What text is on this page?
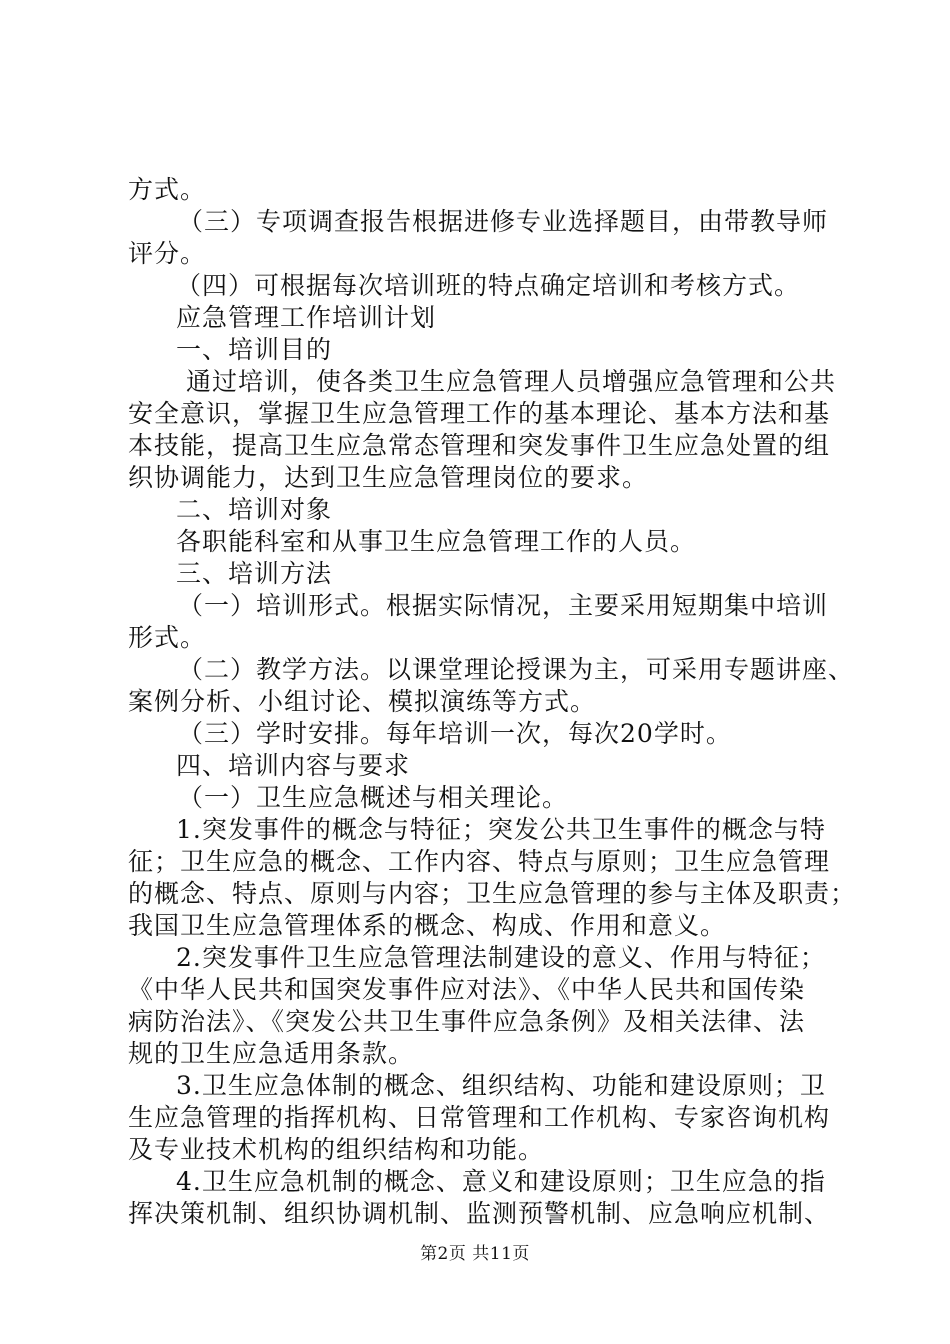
方式。
（三）专项调查报告根据进修专业选择题目，由带教导师
评分。
（四）可根据每次培训班的特点确定培训和考核方式。
应急管理工作培训计划
一、培训目的
通过培训，使各类卫生应急管理人员增强应急管理和公共
安全意识，掌握卫生应急管理工作的基本理论、基本方法和基
本技能，提高卫生应急常态管理和突发事件卫生应急处置的组
织协调能力，达到卫生应急管理岗位的要求。
二、培训对象
各职能科室和从事卫生应急管理工作的人员。
三、培训方法
（一）培训形式。根据实际情况，主要采用短期集中培训
形式。
（二）教学方法。以课堂理论授课为主，可采用专题讲座、
案例分析、小组讨论、模拟演练等方式。
（三）学时安排。每年培训一次，每次20学时。
四、培训内容与要求
（一）卫生应急概述与相关理论。
1.突发事件的概念与特征；突发公共卫生事件的概念与特
征；卫生应急的概念、工作内容、特点与原则；卫生应急管理
的概念、特点、原则与内容；卫生应急管理的参与主体及职责；
我国卫生应急管理体系的概念、构成、作用和意义。
2.突发事件卫生应急管理法制建设的意义、作用与特征；
《中华人民共和国突发事件应对法》、《中华人民共和国传染
病防治法》、《突发公共卫生事件应急条例》及相关法律、法
规的卫生应急适用条款。
3.卫生应急体制的概念、组织结构、功能和建设原则；卫
生应急管理的指挥机构、日常管理和工作机构、专家咨询机构
及专业技术机构的组织结构和功能。
4.卫生应急机制的概念、意义和建设原则；卫生应急的指
挥决策机制、组织协调机制、监测预警机制、应急响应机制、
第2页 共11页
